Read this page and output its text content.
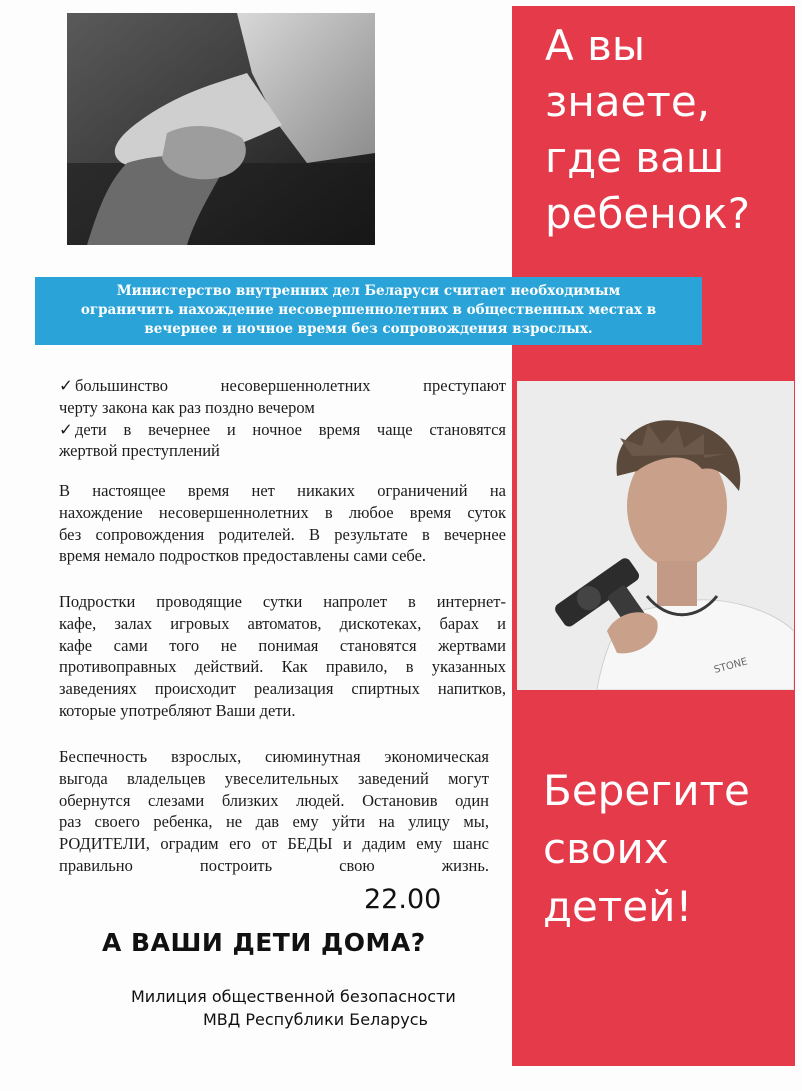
А вы
знаете,
где ваш
ребенок?
Министерство внутренних дел Беларуси считает необходимым
ограничить нахождение несовершеннолетних в общественных местах в
вечернее и ночное время без сопровождения взрослых.
✓ большинство несовершеннолетних преступают
черту закона как раз поздно вечером
✓ дети в вечернее и ночное время чаще становятся
жертвой преступлений
В настоящее время нет никаких ограничений на
нахождение несовершеннолетних в любое время суток
без сопровождения родителей. В результате в вечернее
время немало подростков предоставлены сами себе.
STONE
Подростки проводящие сутки напролет в интернет-
кафе, залах игровых автоматов, дискотеках, барах и
кафе сами того не понимая становятся жертвами
противоправных действий. Как правило, в указанных
заведениях происходит реализация спиртных напитков,
которые употребляют Ваши дети.
Беспечность взрослых, сиюминутная экономическая
выгода владельцев увеселительных заведений могут
обернутся слезами близких людей. Остановив один
раз своего ребенка, не дав ему уйти на улицу мы,
РОДИТЕЛИ, оградим его от БЕДЫ и дадим ему шанс
правильно построить свою жизнь.
22.00
А ВАШИ ДЕТИ ДОМА?
Милиция общественной безопасности
МВД Республики Беларусь
Берегите
своих
детей!
